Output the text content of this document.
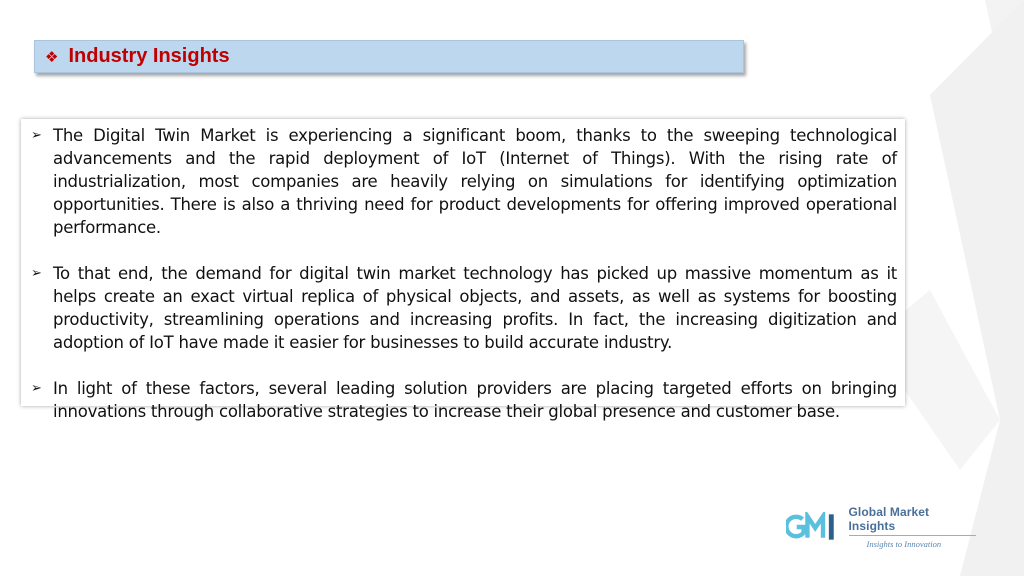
❖ Industry Insights
➢ The Digital Twin Market is experiencing a significant boom, thanks to the sweeping technological advancements and the rapid deployment of IoT (Internet of Things). With the rising rate of industrialization, most companies are heavily relying on simulations for identifying optimization opportunities. There is also a thriving need for product developments for offering improved operational performance.
➢ To that end, the demand for digital twin market technology has picked up massive momentum as it helps create an exact virtual replica of physical objects, and assets, as well as systems for boosting productivity, streamlining operations and increasing profits. In fact, the increasing digitization and adoption of IoT have made it easier for businesses to build accurate industry.
➢ In light of these factors, several leading solution providers are placing targeted efforts on bringing innovations through collaborative strategies to increase their global presence and customer base.
Global Market Insights
Insights to Innovation
